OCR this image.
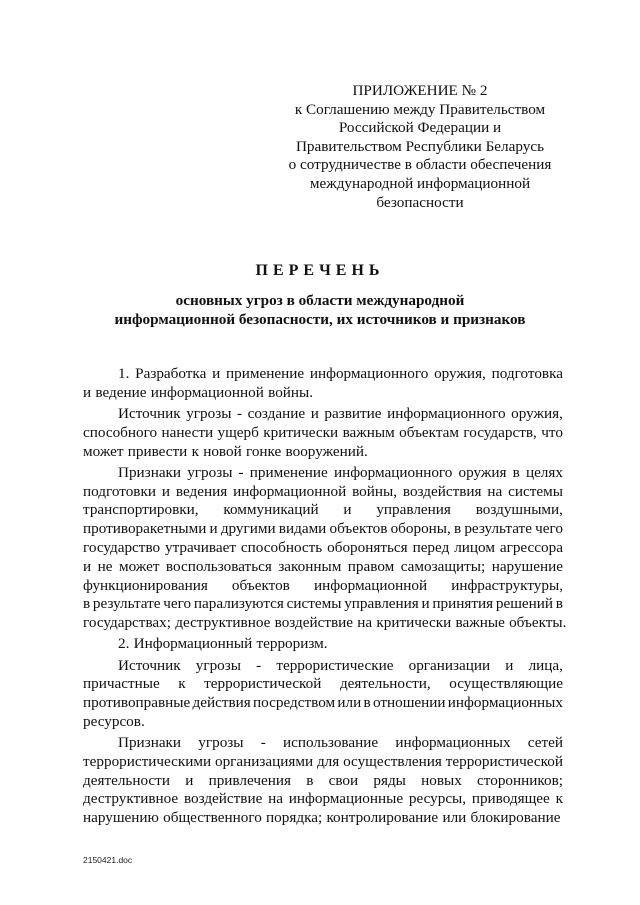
ПРИЛОЖЕНИЕ № 2
к Соглашению между Правительством
Российской Федерации и
Правительством Республики Беларусь
о сотрудничестве в области обеспечения
международной информационной
безопасности
ПЕРЕЧЕНЬ
основных угроз в области международной
информационной безопасности, их источников и признаков
1. Разработка и применение информационного оружия, подготовка
и ведение информационной войны.
Источник угрозы - создание и развитие информационного оружия,
способного нанести ущерб критически важным объектам государств, что
может привести к новой гонке вооружений.
Признаки угрозы - применение информационного оружия в целях
подготовки и ведения информационной войны, воздействия на системы
транспортировки, коммуникаций и управления воздушными,
противоракетными и другими видами объектов обороны, в результате чего
государство утрачивает способность обороняться перед лицом агрессора
и не может воспользоваться законным правом самозащиты; нарушение
функционирования объектов информационной инфраструктуры,
в результате чего парализуются системы управления и принятия решений в
государствах; деструктивное воздействие на критически важные объекты.
2. Информационный терроризм.
Источник угрозы - террористические организации и лица,
причастные к террористической деятельности, осуществляющие
противоправные действия посредством или в отношении информационных
ресурсов.
Признаки угрозы - использование информационных сетей
террористическими организациями для осуществления террористической
деятельности и привлечения в свои ряды новых сторонников;
деструктивное воздействие на информационные ресурсы, приводящее к
нарушению общественного порядка; контролирование или блокирование
2150421.doc
